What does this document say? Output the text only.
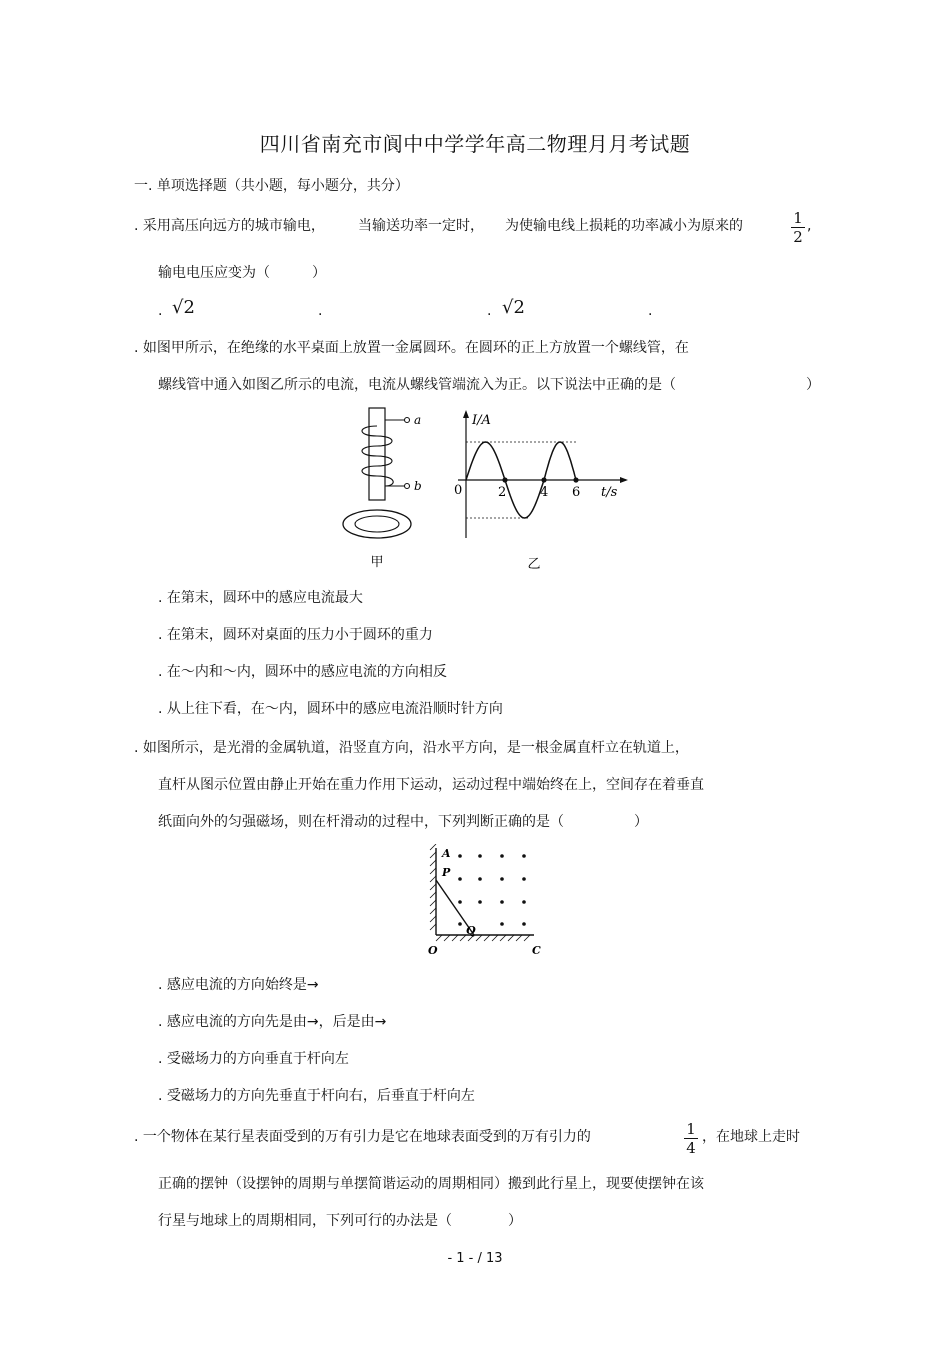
四川省南充市阆中中学学年高二物理月月考试题
一. 单项选择题（共小题，每小题分，共分）
. 采用高压向远方的城市输电， 当输送功率一定时， 为使输电线上损耗的功率减小为原来的	1
2
,
输电电压应变为（　　　）
. √2	.	. √2	.
. 如图甲所示，在绝缘的水平桌面上放置一金属圆环。在圆环的正上方放置一个螺线管，在
螺线管中通入如图乙所示的电流，电流从螺线管端流入为正。以下说法中正确的是（	）
a
b
甲
I/A
t/s
0	2	4 6
乙
. 在第末，圆环中的感应电流最大
. 在第末，圆环对桌面的压力小于圆环的重力
. 在～内和～内，圆环中的感应电流的方向相反
. 从上往下看，在～内，圆环中的感应电流沿顺时针方向
. 如图所示，是光滑的金属轨道，沿竖直方向，沿水平方向，是一根金属直杆立在轨道上，
直杆从图示位置由静止开始在重力作用下运动，运动过程中端始终在上，空间存在着垂直
纸面向外的匀强磁场，则在杆滑动的过程中，下列判断正确的是（　　　　　）
A
P
Q
O	C
. 感应电流的方向始终是→
. 感应电流的方向先是由→，后是由→
. 受磁场力的方向垂直于杆向左
. 受磁场力的方向先垂直于杆向右，后垂直于杆向左
. 一个物体在某行星表面受到的万有引力是它在地球表面受到的万有引力的	1
4
，在地球上走时
正确的摆钟（设摆钟的周期与单摆简谐运动的周期相同）搬到此行星上，现要使摆钟在该
行星与地球上的周期相同，下列可行的办法是（　　　　）
- 1 - / 13
